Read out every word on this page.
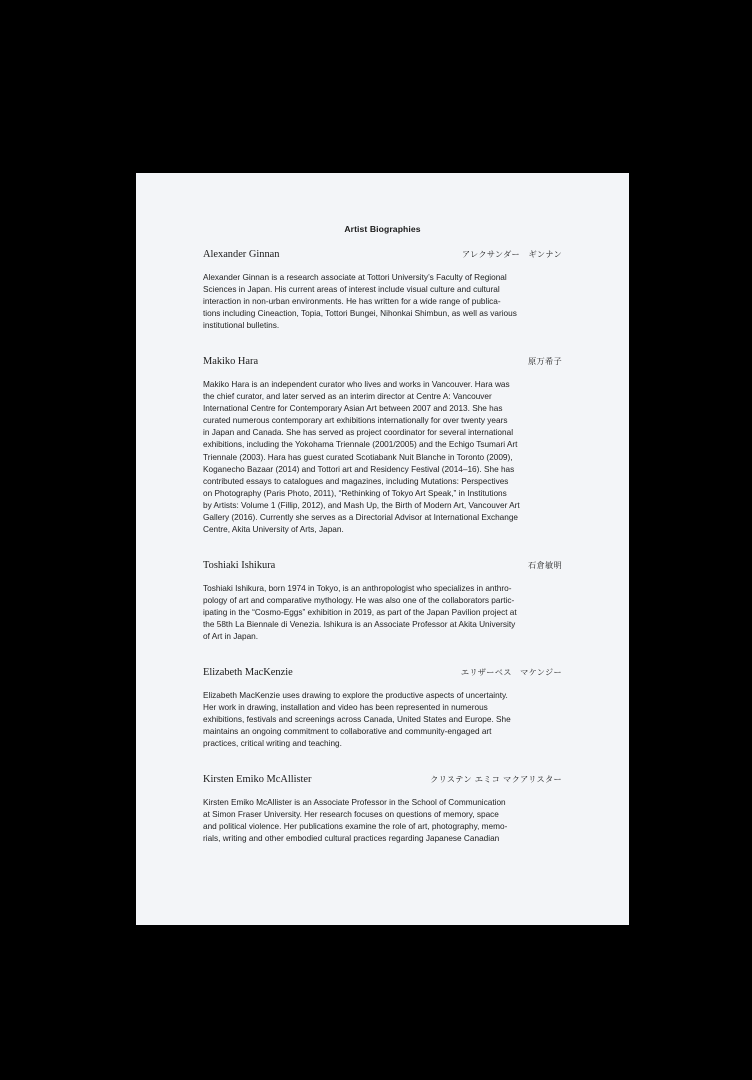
Artist Biographies
Alexander Ginnan	アレクサンダー　ギンナン
Alexander Ginnan is a research associate at Tottori University’s Faculty of Regional
Sciences in Japan. His current areas of interest include visual culture and cultural
interaction in non-urban environments. He has written for a wide range of publica-
tions including Cineaction, Topia, Tottori Bungei, Nihonkai Shimbun, as well as various
institutional bulletins.
Makiko Hara	原万希子
Makiko Hara is an independent curator who lives and works in Vancouver. Hara was
the chief curator, and later served as an interim director at Centre A: Vancouver
International Centre for Contemporary Asian Art between 2007 and 2013. She has
curated numerous contemporary art exhibitions internationally for over twenty years
in Japan and Canada. She has served as project coordinator for several international
exhibitions, including the Yokohama Triennale (2001/2005) and the Echigo Tsumari Art
Triennale (2003). Hara has guest curated Scotiabank Nuit Blanche in Toronto (2009),
Koganecho Bazaar (2014) and Tottori art and Residency Festival (2014–16). She has
contributed essays to catalogues and magazines, including Mutations: Perspectives
on Photography (Paris Photo, 2011), “Rethinking of Tokyo Art Speak,” in Institutions
by Artists: Volume 1 (Fillip, 2012), and Mash Up, the Birth of Modern Art, Vancouver Art
Gallery (2016). Currently she serves as a Directorial Advisor at International Exchange
Centre, Akita University of Arts, Japan.
Toshiaki Ishikura	石倉敏明
Toshiaki Ishikura, born 1974 in Tokyo, is an anthropologist who specializes in anthro-
pology of art and comparative mythology. He was also one of the collaborators partic-
ipating in the “Cosmo-Eggs” exhibition in 2019, as part of the Japan Pavilion project at
the 58th La Biennale di Venezia. Ishikura is an Associate Professor at Akita University
of Art in Japan.
Elizabeth MacKenzie	エリザーベス　マケンジー
Elizabeth MacKenzie uses drawing to explore the productive aspects of uncertainty.
Her work in drawing, installation and video has been represented in numerous
exhibitions, festivals and screenings across Canada, United States and Europe. She
maintains an ongoing commitment to collaborative and community-engaged art
practices, critical writing and teaching.
Kirsten Emiko McAllister	クリステン エミコ マクアリスター
Kirsten Emiko McAllister is an Associate Professor in the School of Communication
at Simon Fraser University. Her research focuses on questions of memory, space
and political violence. Her publications examine the role of art, photography, memo-
rials, writing and other embodied cultural practices regarding Japanese Canadian
